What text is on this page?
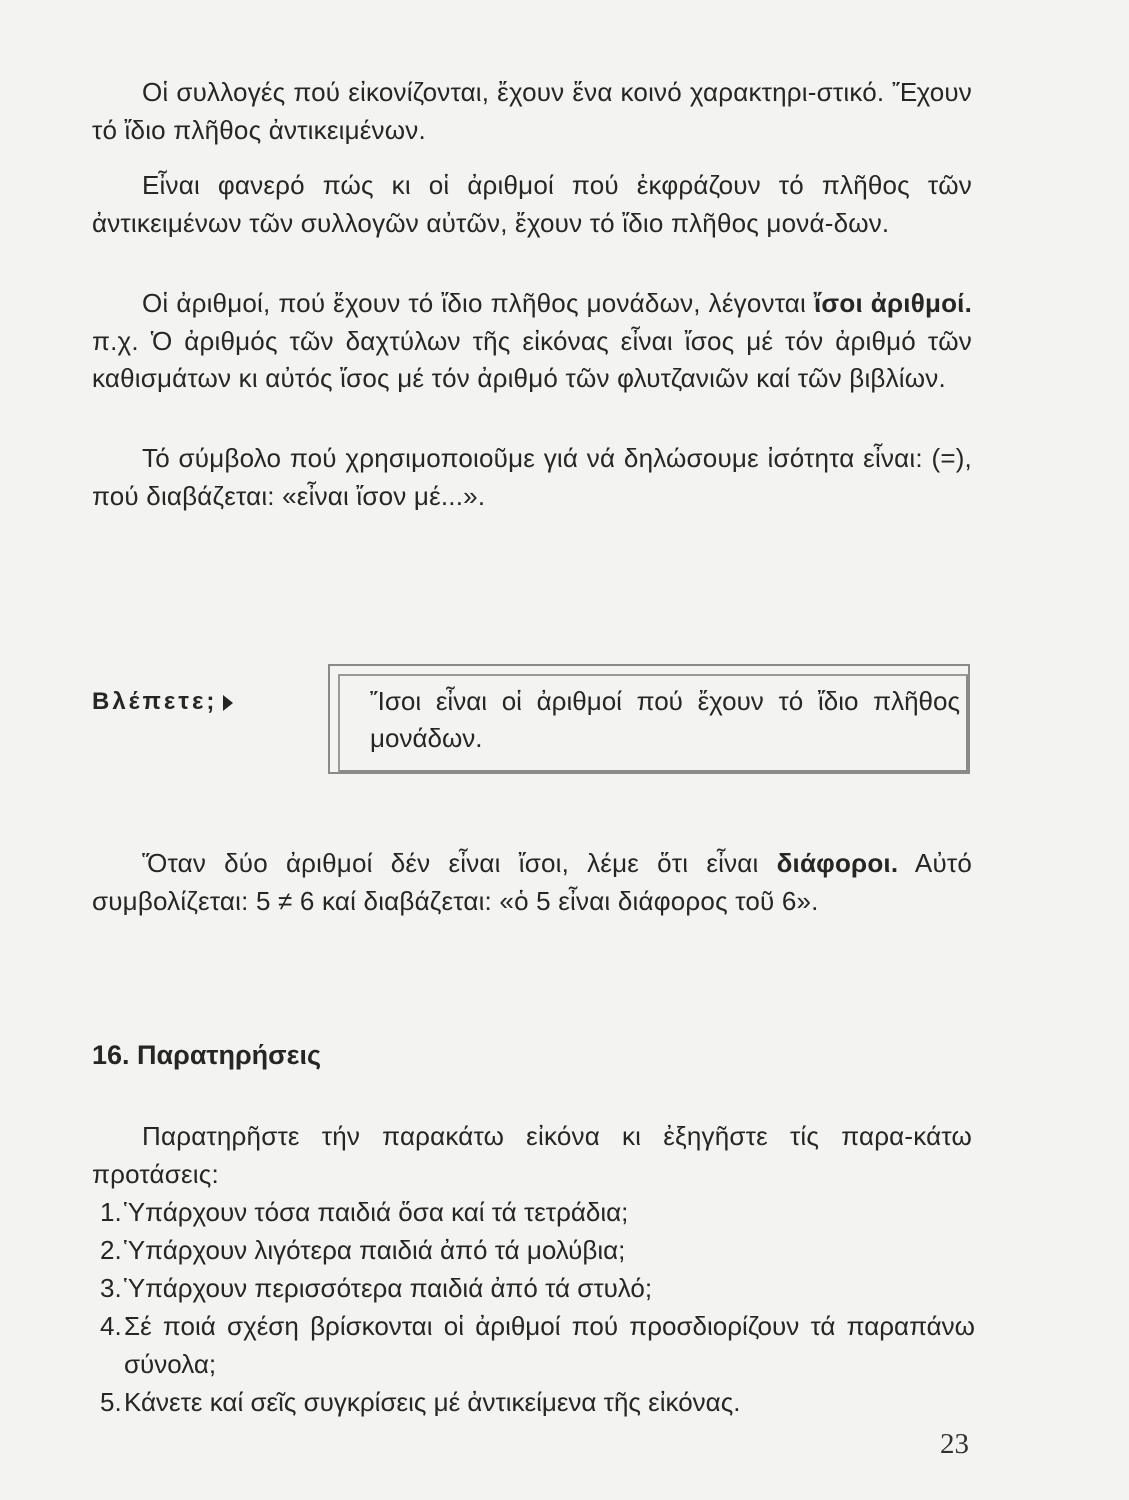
Οἱ συλλογές πού εἰκονίζονται, ἔχουν ἕνα κοινό χαρακτηρι-στικό. Ἔχουν τό ἴδιο πλῆθος ἀντικειμένων.

Εἶναι φανερό πώς κι οἱ ἀριθμοί πού ἐκφράζουν τό πλῆθος τῶν ἀντικειμένων τῶν συλλογῶν αὐτῶν, ἔχουν τό ἴδιο πλῆθος μονά-δων.

Οἱ ἀριθμοί, πού ἔχουν τό ἴδιο πλῆθος μονάδων, λέγονται ἴσοι ἀριθμοί. π.χ. Ὁ ἀριθμός τῶν δαχτύλων τῆς εἰκόνας εἶναι ἴσος μέ τόν ἀριθμό τῶν καθισμάτων κι αὐτός ἴσος μέ τόν ἀριθμό τῶν φλυτζανιῶν καί τῶν βιβλίων.

Τό σύμβολο πού χρησιμοποιοῦμε γιά νά δηλώσουμε ἰσότητα εἶναι: (=), πού διαβάζεται: «εἶναι ἴσον μέ...».

Βλέπετε;	Ἴσοι εἶναι οἱ ἀριθμοί πού ἔχουν τό ἴδιο πλῆθος μονάδων.

Ὅταν δύο ἀριθμοί δέν εἶναι ἴσοι, λέμε ὅτι εἶναι διάφοροι. Αὐτό συμβολίζεται: 5 ≠ 6 καί διαβάζεται: «ὁ 5 εἶναι διάφορος τοῦ 6».

16. Παρατηρήσεις

Παρατηρῆστε τήν παρακάτω εἰκόνα κι ἐξηγῆστε τίς παρα-κάτω προτάσεις:

1. Ὑπάρχουν τόσα παιδιά ὅσα καί τά τετράδια;
2. Ὑπάρχουν λιγότερα παιδιά ἀπό τά μολύβια;
3. Ὑπάρχουν περισσότερα παιδιά ἀπό τά στυλό;
4. Σέ ποιά σχέση βρίσκονται οἱ ἀριθμοί πού προσδιορίζουν τά παραπάνω σύνολα;
5. Κάνετε καί σεῖς συγκρίσεις μέ ἀντικείμενα τῆς εἰκόνας.
23
